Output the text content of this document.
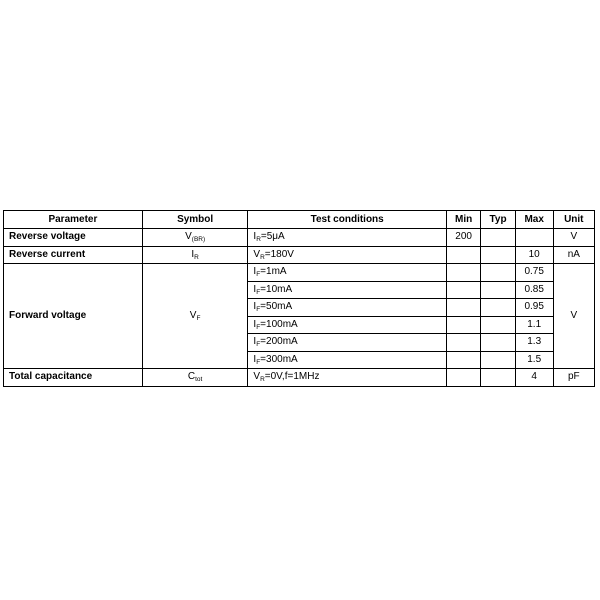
Parameter	Symbol	Test conditions	Min	Typ	Max	Unit
Reverse voltage	$V_{(BR)}$	$I_R=5\mu A$	200			V
Reverse current	$I_R$	$V_R=180V$			10	nA
Forward voltage	$V_F$	$I_F=1mA$			0.75	V
		$I_F=10mA$			0.85	
		$I_F=50mA$			0.95	
		$I_F=100mA$			1.1	
		$I_F=200mA$			1.3	
		$I_F=300mA$			1.5	
Total capacitance	$C_{tot}$	$V_R=0V,f=1MHz$			4	pF
